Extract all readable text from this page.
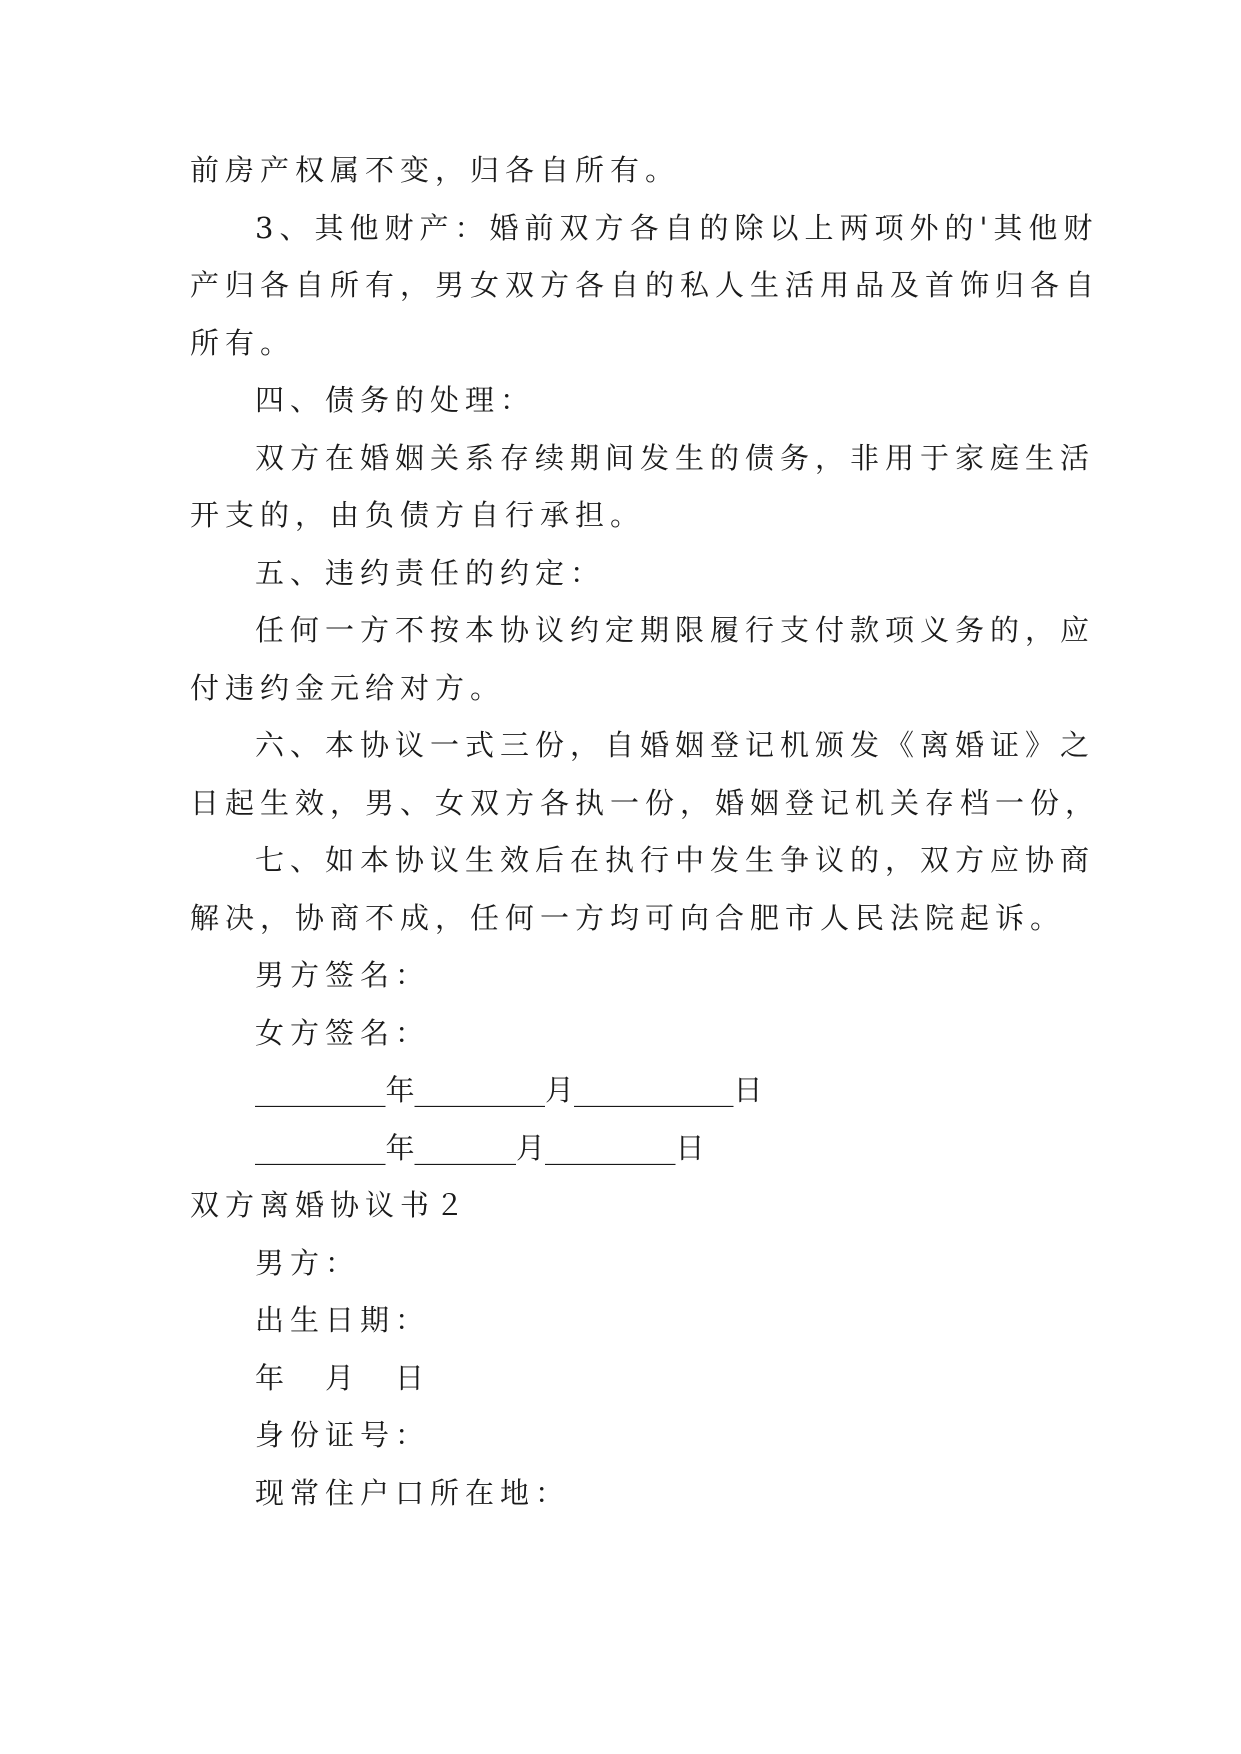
前房产权属不变，归各自所有。
3、其他财产：婚前双方各自的除以上两项外的'其他财
产归各自所有，男女双方各自的私人生活用品及首饰归各自
所有。
四、债务的处理：
双方在婚姻关系存续期间发生的债务，非用于家庭生活
开支的，由负债方自行承担。
五、违约责任的约定：
任何一方不按本协议约定期限履行支付款项义务的，应
付违约金元给对方。
六、本协议一式三份，自婚姻登记机颁发《离婚证》之
日起生效，男、女双方各执一份，婚姻登记机关存档一份，
七、如本协议生效后在执行中发生争议的，双方应协商
解决，协商不成，任何一方均可向合肥市人民法院起诉。
男方签名：
女方签名：
_________年_________月___________日
_________年_______月_________日
双方离婚协议书２
男方：
出生日期：
年　月　日
身份证号：
现常住户口所在地：
